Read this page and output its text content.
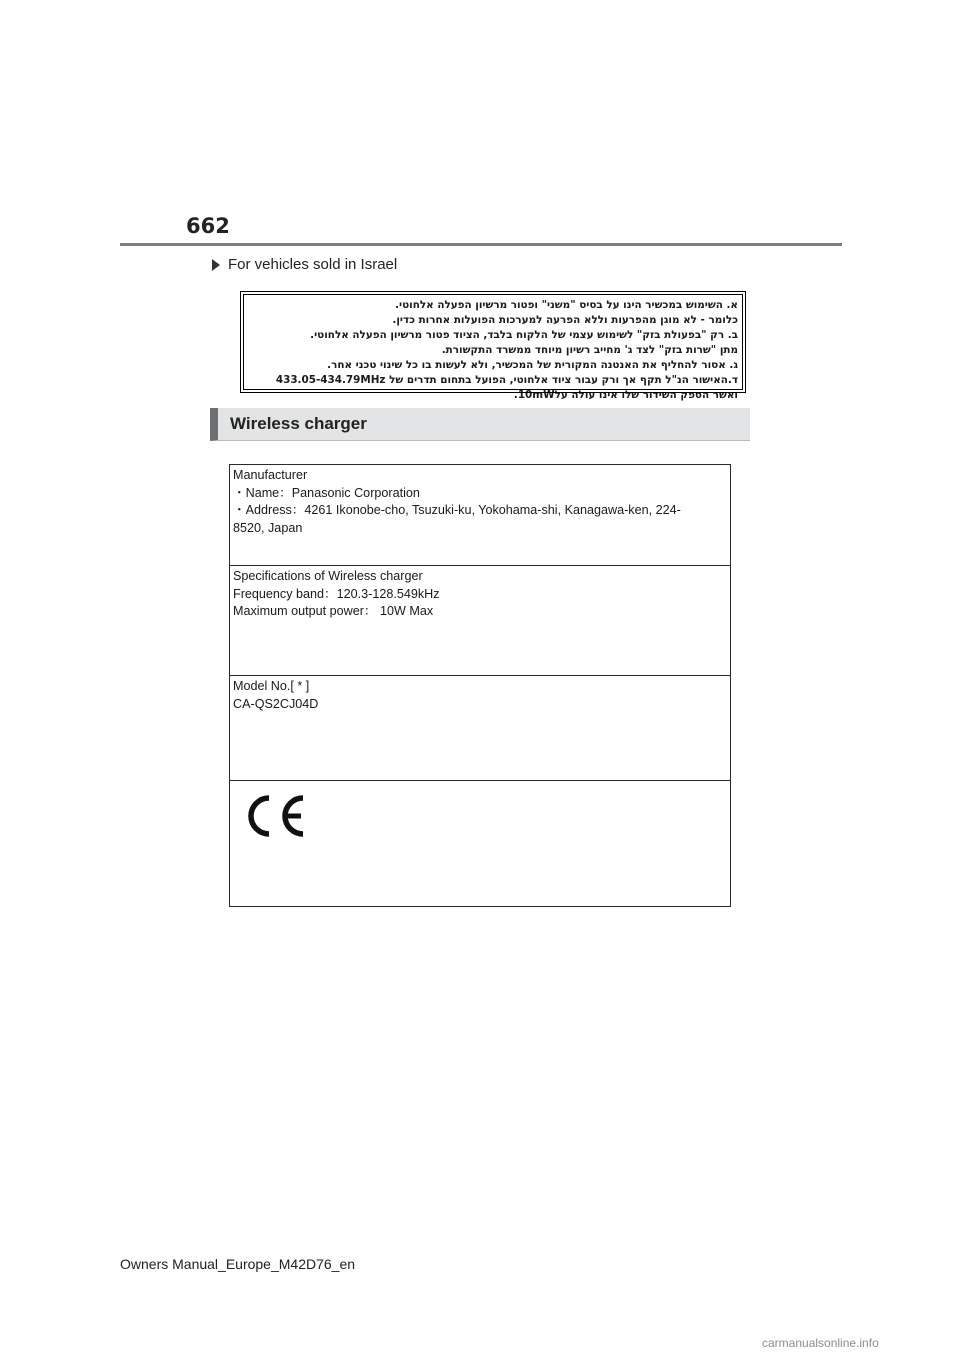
662
For vehicles sold in Israel
א. השימוש במכשיר הינו על בסיס "משני" ופטור מרשיון הפעלה אלחוטי.
כלומר - לא מוגן מהפרעות וללא הפרעה למערכות הפועלות אחרות כדין.
ב. רק "בפעולת בזק" לשימוש עצמי של הלקוח בלבד, הציוד פטור מרשיון הפעלה אלחוטי.
מתן "שרות בזק" לצד ג' מחייב רשיון מיוחד ממשרד התקשורת.
ג. אסור להחליף את האנטנה המקורית של המכשיר, ולא לעשות בו כל שינוי טכני אחר.
ד.האישור הנ"ל תקף אך ורק עבור ציוד אלחוטי, הפועל בתחום תדרים של 433.05-434.79MHz
ואשר הספק השידור שלו אינו עולה על10mW.
Wireless charger
Manufacturer
・Name：Panasonic Corporation
・Address：4261 Ikonobe-cho, Tsuzuki-ku, Yokohama-shi, Kanagawa-ken, 224-
8520, Japan

Specifications of Wireless charger
Frequency band：120.3-128.549kHz
Maximum output power： 10W Max

Model No.[ * ]
CA-QS2CJ04D

Owners Manual_Europe_M42D76_en
carmanualsonline.info
